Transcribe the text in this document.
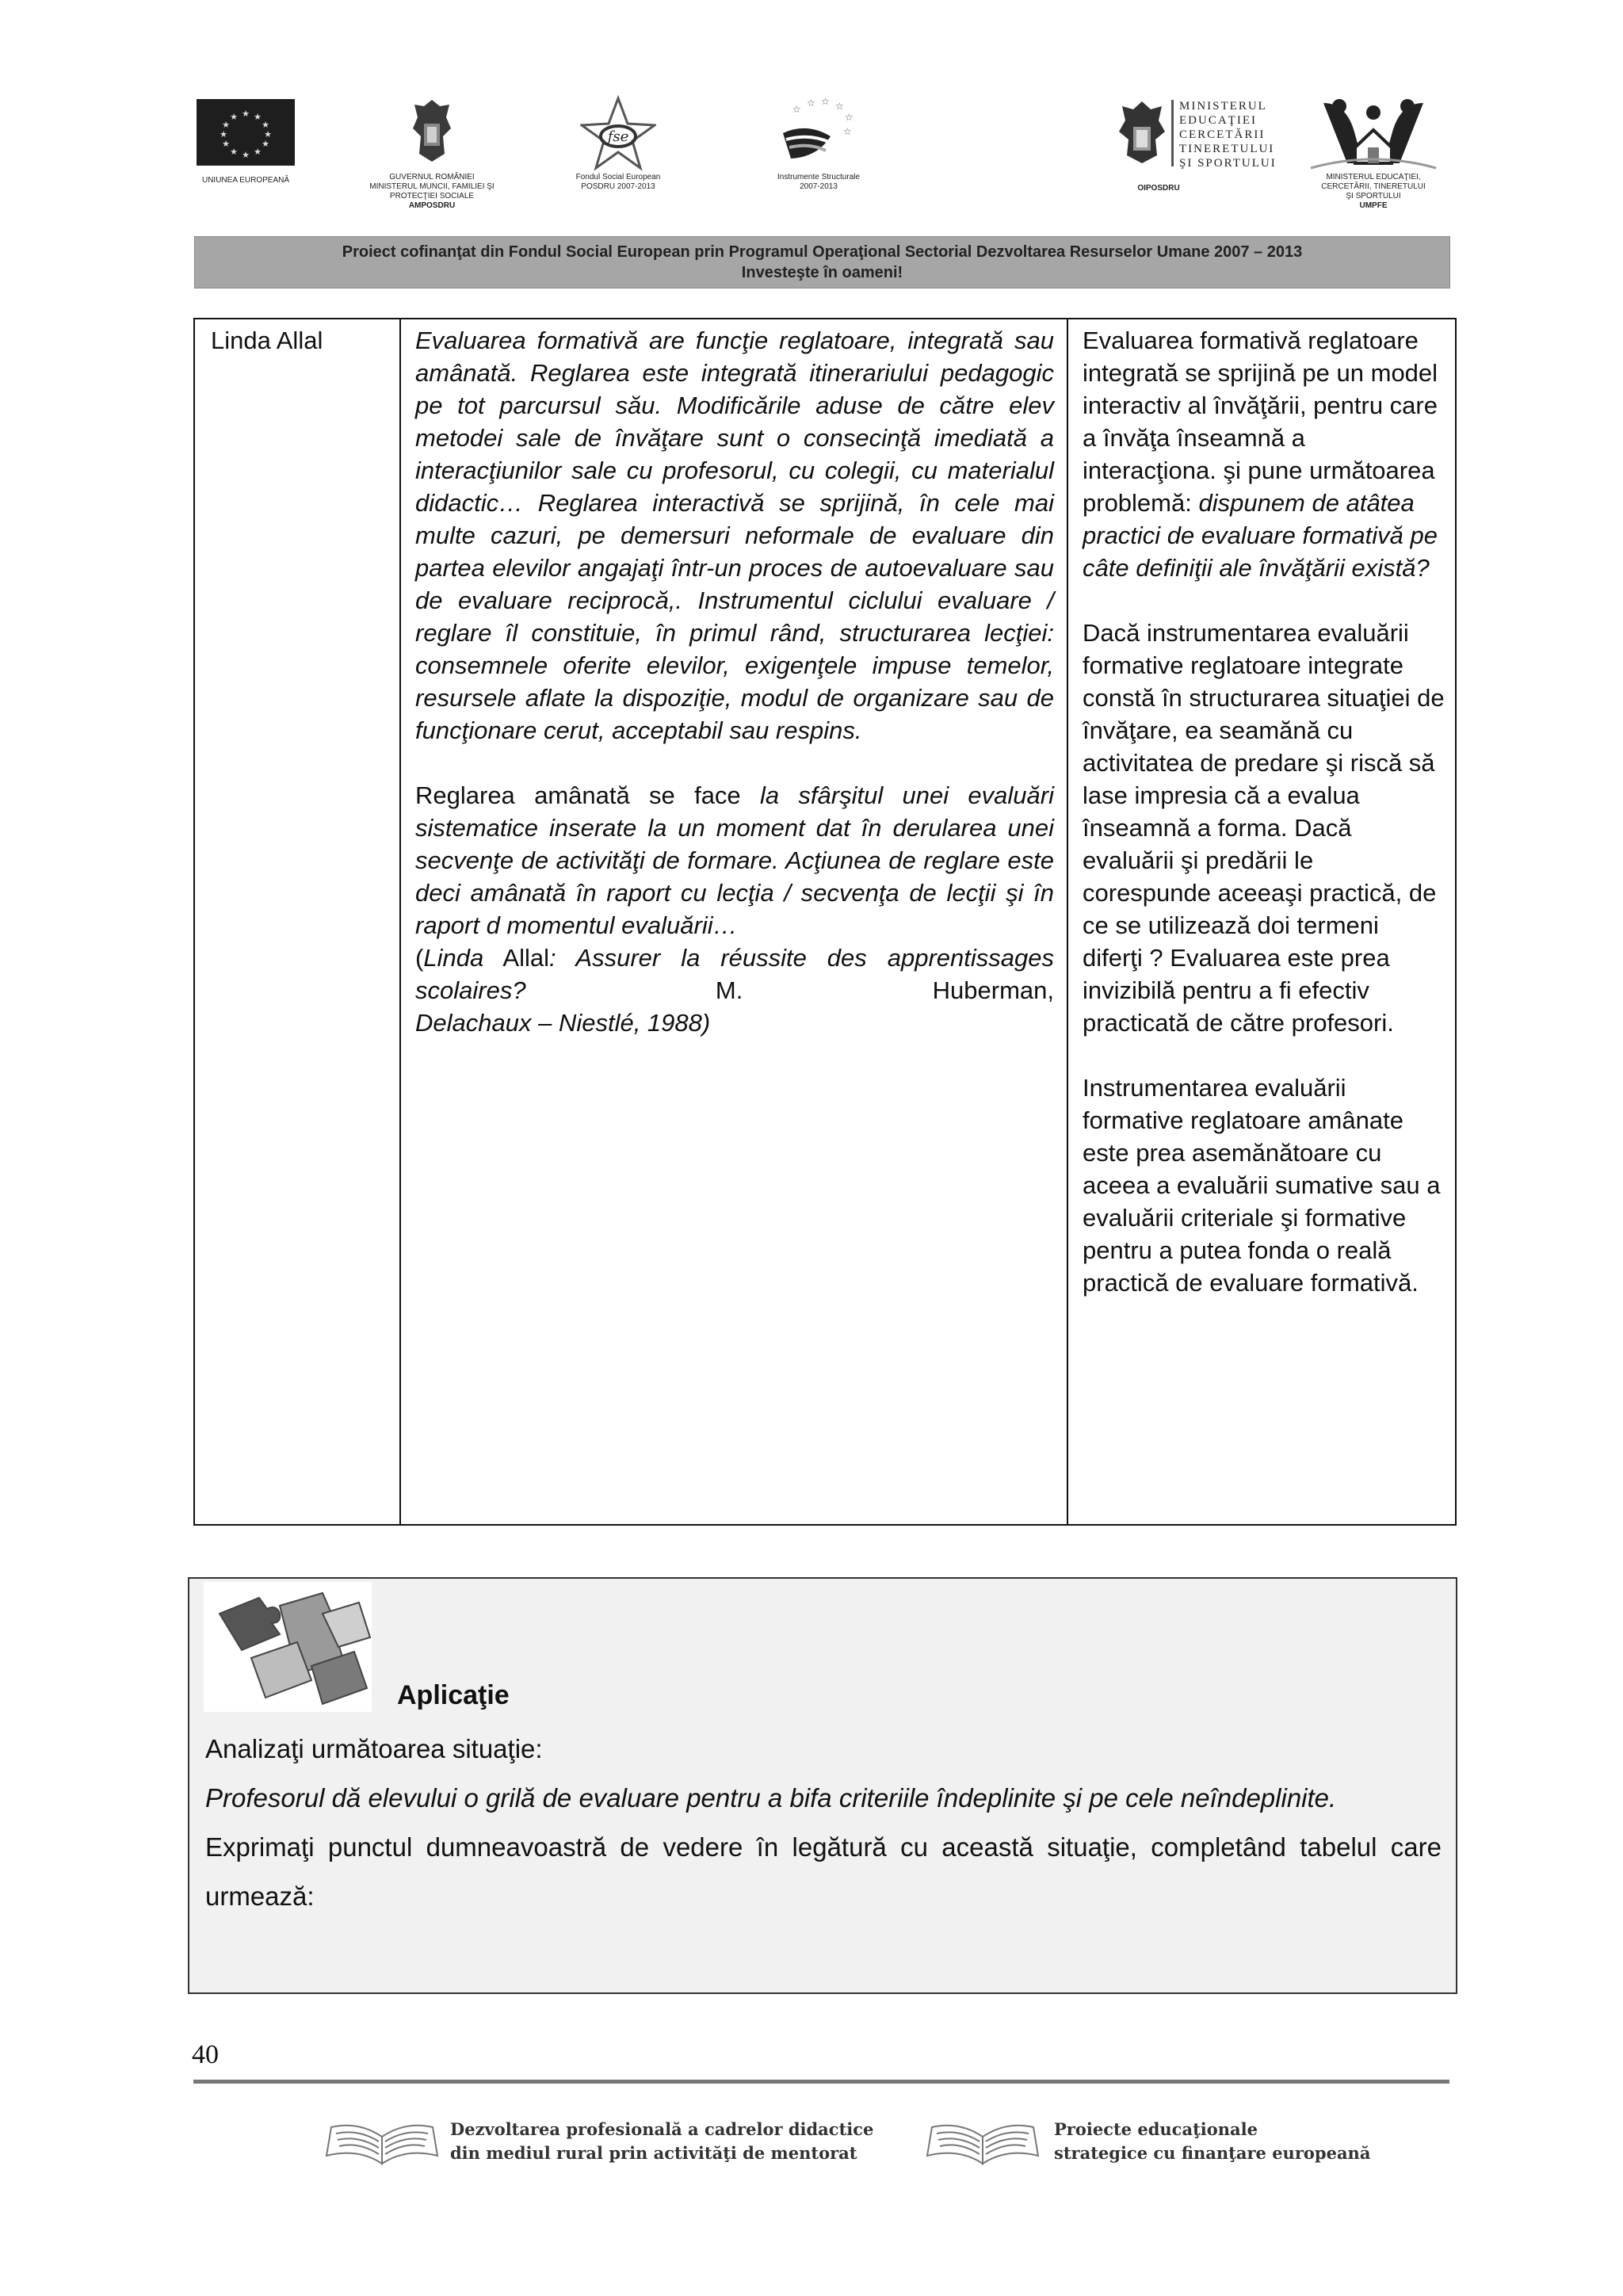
★ ★
★
★
★
★
★
★
★
★
★
★
UNIUNEA EUROPEANĂ	GUVERNUL ROMÂNIEI
MINISTERUL MUNCII, FAMILIEI ŞI
PROTECŢIEI SOCIALE
AMPOSDRU
fse
Fondul Social European
POSDRU 2007-2013
☆ ☆ ☆
☆
☆
☆
Instrumente Structurale
2007-2013
MINISTERUL
EDUCAŢIEI
CERCETĂRII
TINERETULUI
ŞI SPORTULUI
OIPOSDRU
MINISTERUL EDUCAŢIEI,
CERCETĂRII, TINERETULUI
ŞI SPORTULUI
UMPFE
Proiect cofinanţat din Fondul Social European prin Programul Operaţional Sectorial Dezvoltarea Resurselor Umane 2007 – 2013
Investeşte în oameni!
Linda Allal	Evaluarea formativă are funcţie reglatoare, integrată sau amânată. Reglarea este integrată itinerariului pedagogic pe tot parcursul său. Modificările aduse de către elev metodei sale de învăţare sunt o consecinţă imediată a interacţiunilor sale cu profesorul, cu colegii, cu materialul didactic… Reglarea interactivă se sprijină, în cele mai multe cazuri, pe demersuri neformale de evaluare din partea elevilor angajaţi într-un proces de autoevaluare sau de evaluare reciprocă,. Instrumentul ciclului evaluare / reglare îl constituie, în primul rând, structurarea lecţiei: consemnele oferite elevilor, exigenţele impuse temelor, resursele aflate la dispoziţie, modul de organizare sau de funcţionare cerut, acceptabil sau respins.

Reglarea amânată se face la sfârşitul unei evaluări sistematice inserate la un moment dat în derularea unei secvenţe de activităţi de formare. Acţiunea de reglare este deci amânată în raport cu lecţia / secvenţa de lecţii şi în raport d momentul evaluării…

(Linda Allal: Assurer la réussite des apprentissages scolaires? M. Huberman,

Delachaux – Niestlé, 1988)

Evaluarea formativă reglatoare integrată se sprijină pe un model interactiv al învăţării, pentru care a învăţa înseamnă a interacţiona. şi pune următoarea problemă: dispunem de atâtea practici de evaluare formativă pe câte definiţii ale învăţării există?

Dacă instrumentarea evaluării formative reglatoare integrate constă în structurarea situaţiei de învăţare, ea seamănă cu activitatea de predare şi riscă să lase impresia că a evalua înseamnă a forma. Dacă evaluării şi predării le corespunde aceeaşi practică, de ce se utilizează doi termeni diferţi ? Evaluarea este prea invizibilă pentru a fi efectiv practicată de către profesori.

Instrumentarea evaluării formative reglatoare amânate este prea asemănătoare cu aceea a evaluării sumative sau a evaluării criteriale şi formative pentru a putea fonda o reală practică de evaluare formativă.

Aplicaţie

Analizaţi următoarea situaţie:

Profesorul dă elevului o grilă de evaluare pentru a bifa criteriile îndeplinite şi pe cele neîndeplinite.

Exprimaţi punctul dumneavoastră de vedere în legătură cu această situaţie, completând tabelul care urmează:

40
Dezvoltarea profesională a cadrelor didactice
din mediul rural prin activităţi de mentorat
Proiecte educaţionale
strategice cu finanţare europeană
